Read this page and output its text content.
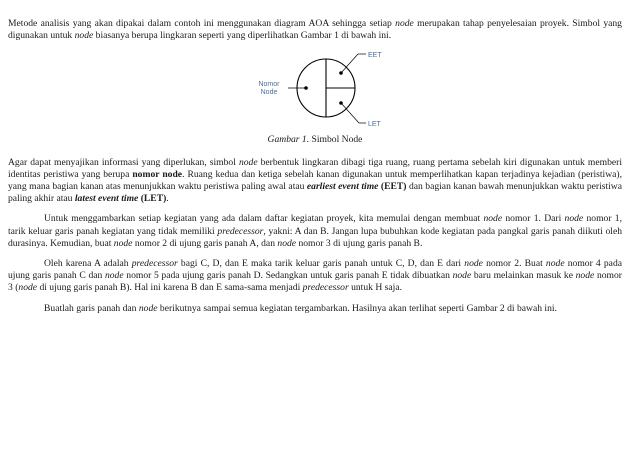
Metode analisis yang akan dipakai dalam contoh ini menggunakan diagram AOA sehingga setiap node merupakan tahap penyelesaian proyek. Simbol yang digunakan untuk node biasanya berupa lingkaran seperti yang diperlihatkan Gambar 1 di bawah ini.

Nomor
Node
EET
LET

Gambar 1. Simbol Node

Agar dapat menyajikan informasi yang diperlukan, simbol node berbentuk lingkaran dibagi tiga ruang, ruang pertama sebelah kiri digunakan untuk memberi identitas peristiwa yang berupa nomor node. Ruang kedua dan ketiga sebelah kanan digunakan untuk memperlihatkan kapan terjadinya kejadian (peristiwa), yang mana bagian kanan atas menunjukkan waktu peristiwa paling awal atau earliest event time (EET) dan bagian kanan bawah menunjukkan waktu peristiwa paling akhir atau latest event time (LET).

Untuk menggambarkan setiap kegiatan yang ada dalam daftar kegiatan proyek, kita memulai dengan membuat node nomor 1. Dari node nomor 1, tarik keluar garis panah kegiatan yang tidak memiliki predecessor, yakni: A dan B. Jangan lupa bubuhkan kode kegiatan pada pangkal garis panah diikuti oleh durasinya. Kemudian, buat node nomor 2 di ujung garis panah A, dan node nomor 3 di ujung garis panah B.

Oleh karena A adalah predecessor bagi C, D, dan E maka tarik keluar garis panah untuk C, D, dan E dari node nomor 2. Buat node nomor 4 pada ujung garis panah C dan node nomor 5 pada ujung garis panah D. Sedangkan untuk garis panah E tidak dibuatkan node baru melainkan masuk ke node nomor 3 (node di ujung garis panah B). Hal ini karena B dan E sama-sama menjadi predecessor untuk H saja.

Buatlah garis panah dan node berikutnya sampai semua kegiatan tergambarkan. Hasilnya akan terlihat seperti Gambar 2 di bawah ini.
